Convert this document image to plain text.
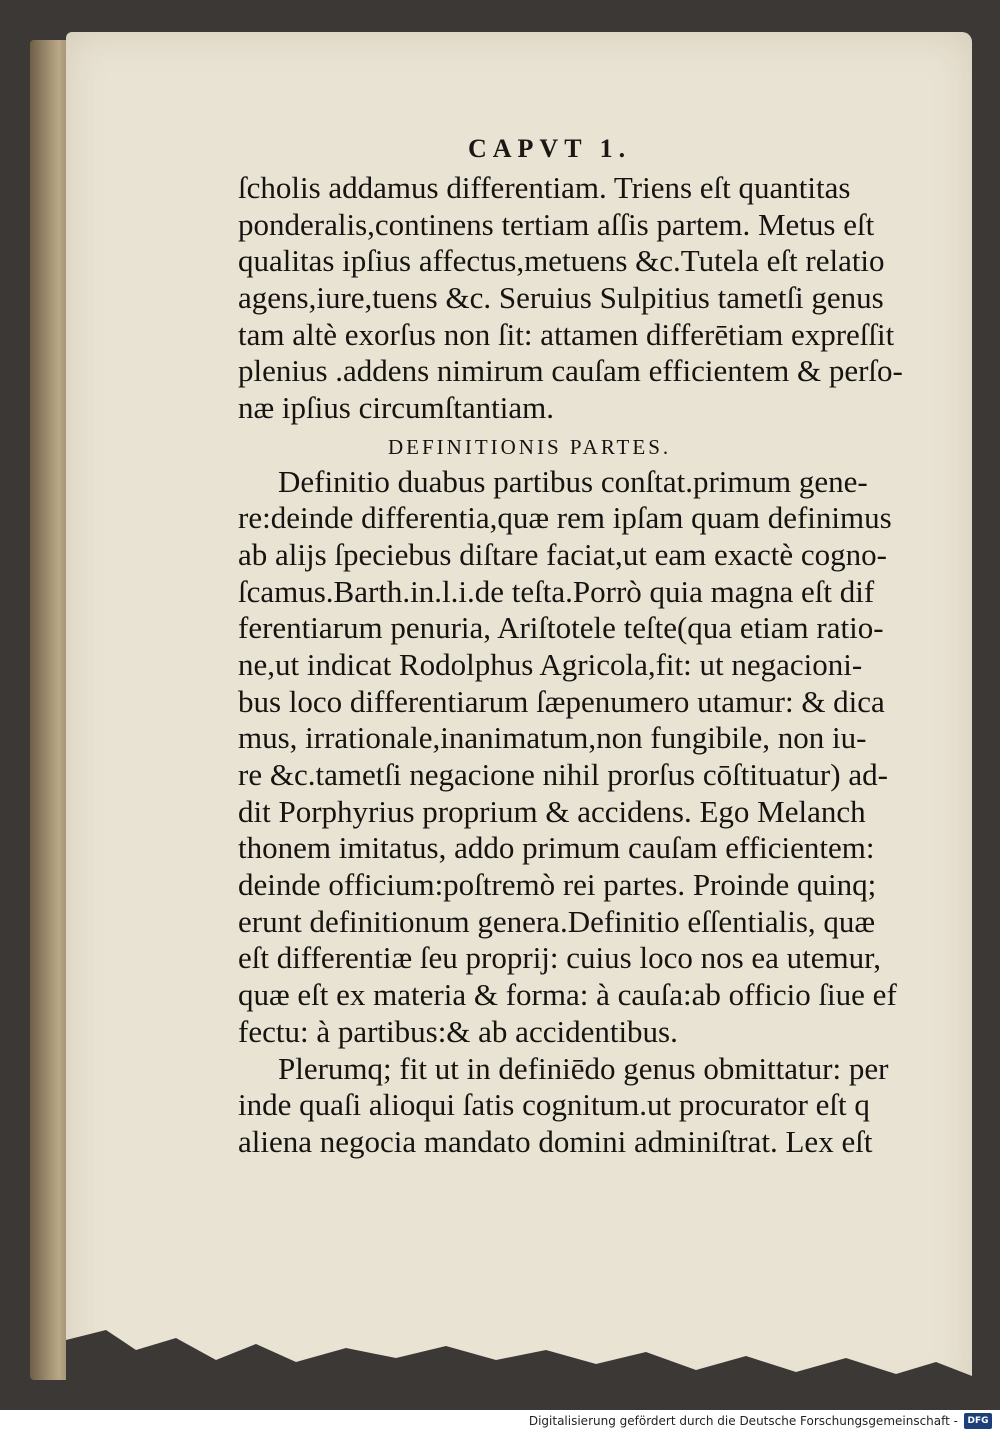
CAPVT 1.
ſcholis addamus differentiam. Triens eſt quantitas
ponderalis,continens tertiam aſſis partem. Metus eſt
qualitas ipſius affectus,metuens &c.Tutela eſt relatio
agens,iure,tuens &c. Seruius Sulpitius tametſi genus
tam altè exorſus non ſit: attamen differētiam expreſſit
plenius .addens nimirum cauſam efficientem & perſo-
næ ipſius circumſtantiam.
DEFINITIONIS PARTES.
Definitio duabus partibus conſtat.primum gene-
re:deinde differentia,quæ rem ipſam quam definimus
ab alijs ſpeciebus diſtare faciat,ut eam exactè cogno-
ſcamus.Barth.in.l.i.de teſta.Porrò quia magna eſt dif
ferentiarum penuria, Ariſtotele teſte(qua etiam ratio-
ne,ut indicat Rodolphus Agricola,fit: ut negacioni-
bus loco differentiarum ſæpenumero utamur: & dica
mus, irrationale,inanimatum,non fungibile, non iu-
re &c.tametſi negacione nihil prorſus cōſtituatur) ad-
dit Porphyrius proprium & accidens. Ego Melanch
thonem imitatus, addo primum cauſam efficientem:
deinde officium:poſtremò rei partes. Proinde quinq;
erunt definitionum genera.Definitio eſſentialis, quæ
eſt differentiæ ſeu proprij: cuius loco nos ea utemur,
quæ eſt ex materia & forma: à cauſa:ab officio ſiue ef
fectu: à partibus:& ab accidentibus.
Plerumq; fit ut in definiēdo genus obmittatur: per
inde quaſi alioqui ſatis cognitum.ut procurator eſt q
aliena negocia mandato domini adminiſtrat. Lex eſt
Digitalisierung gefördert durch die Deutsche Forschungsgemeinschaft -	DFG
